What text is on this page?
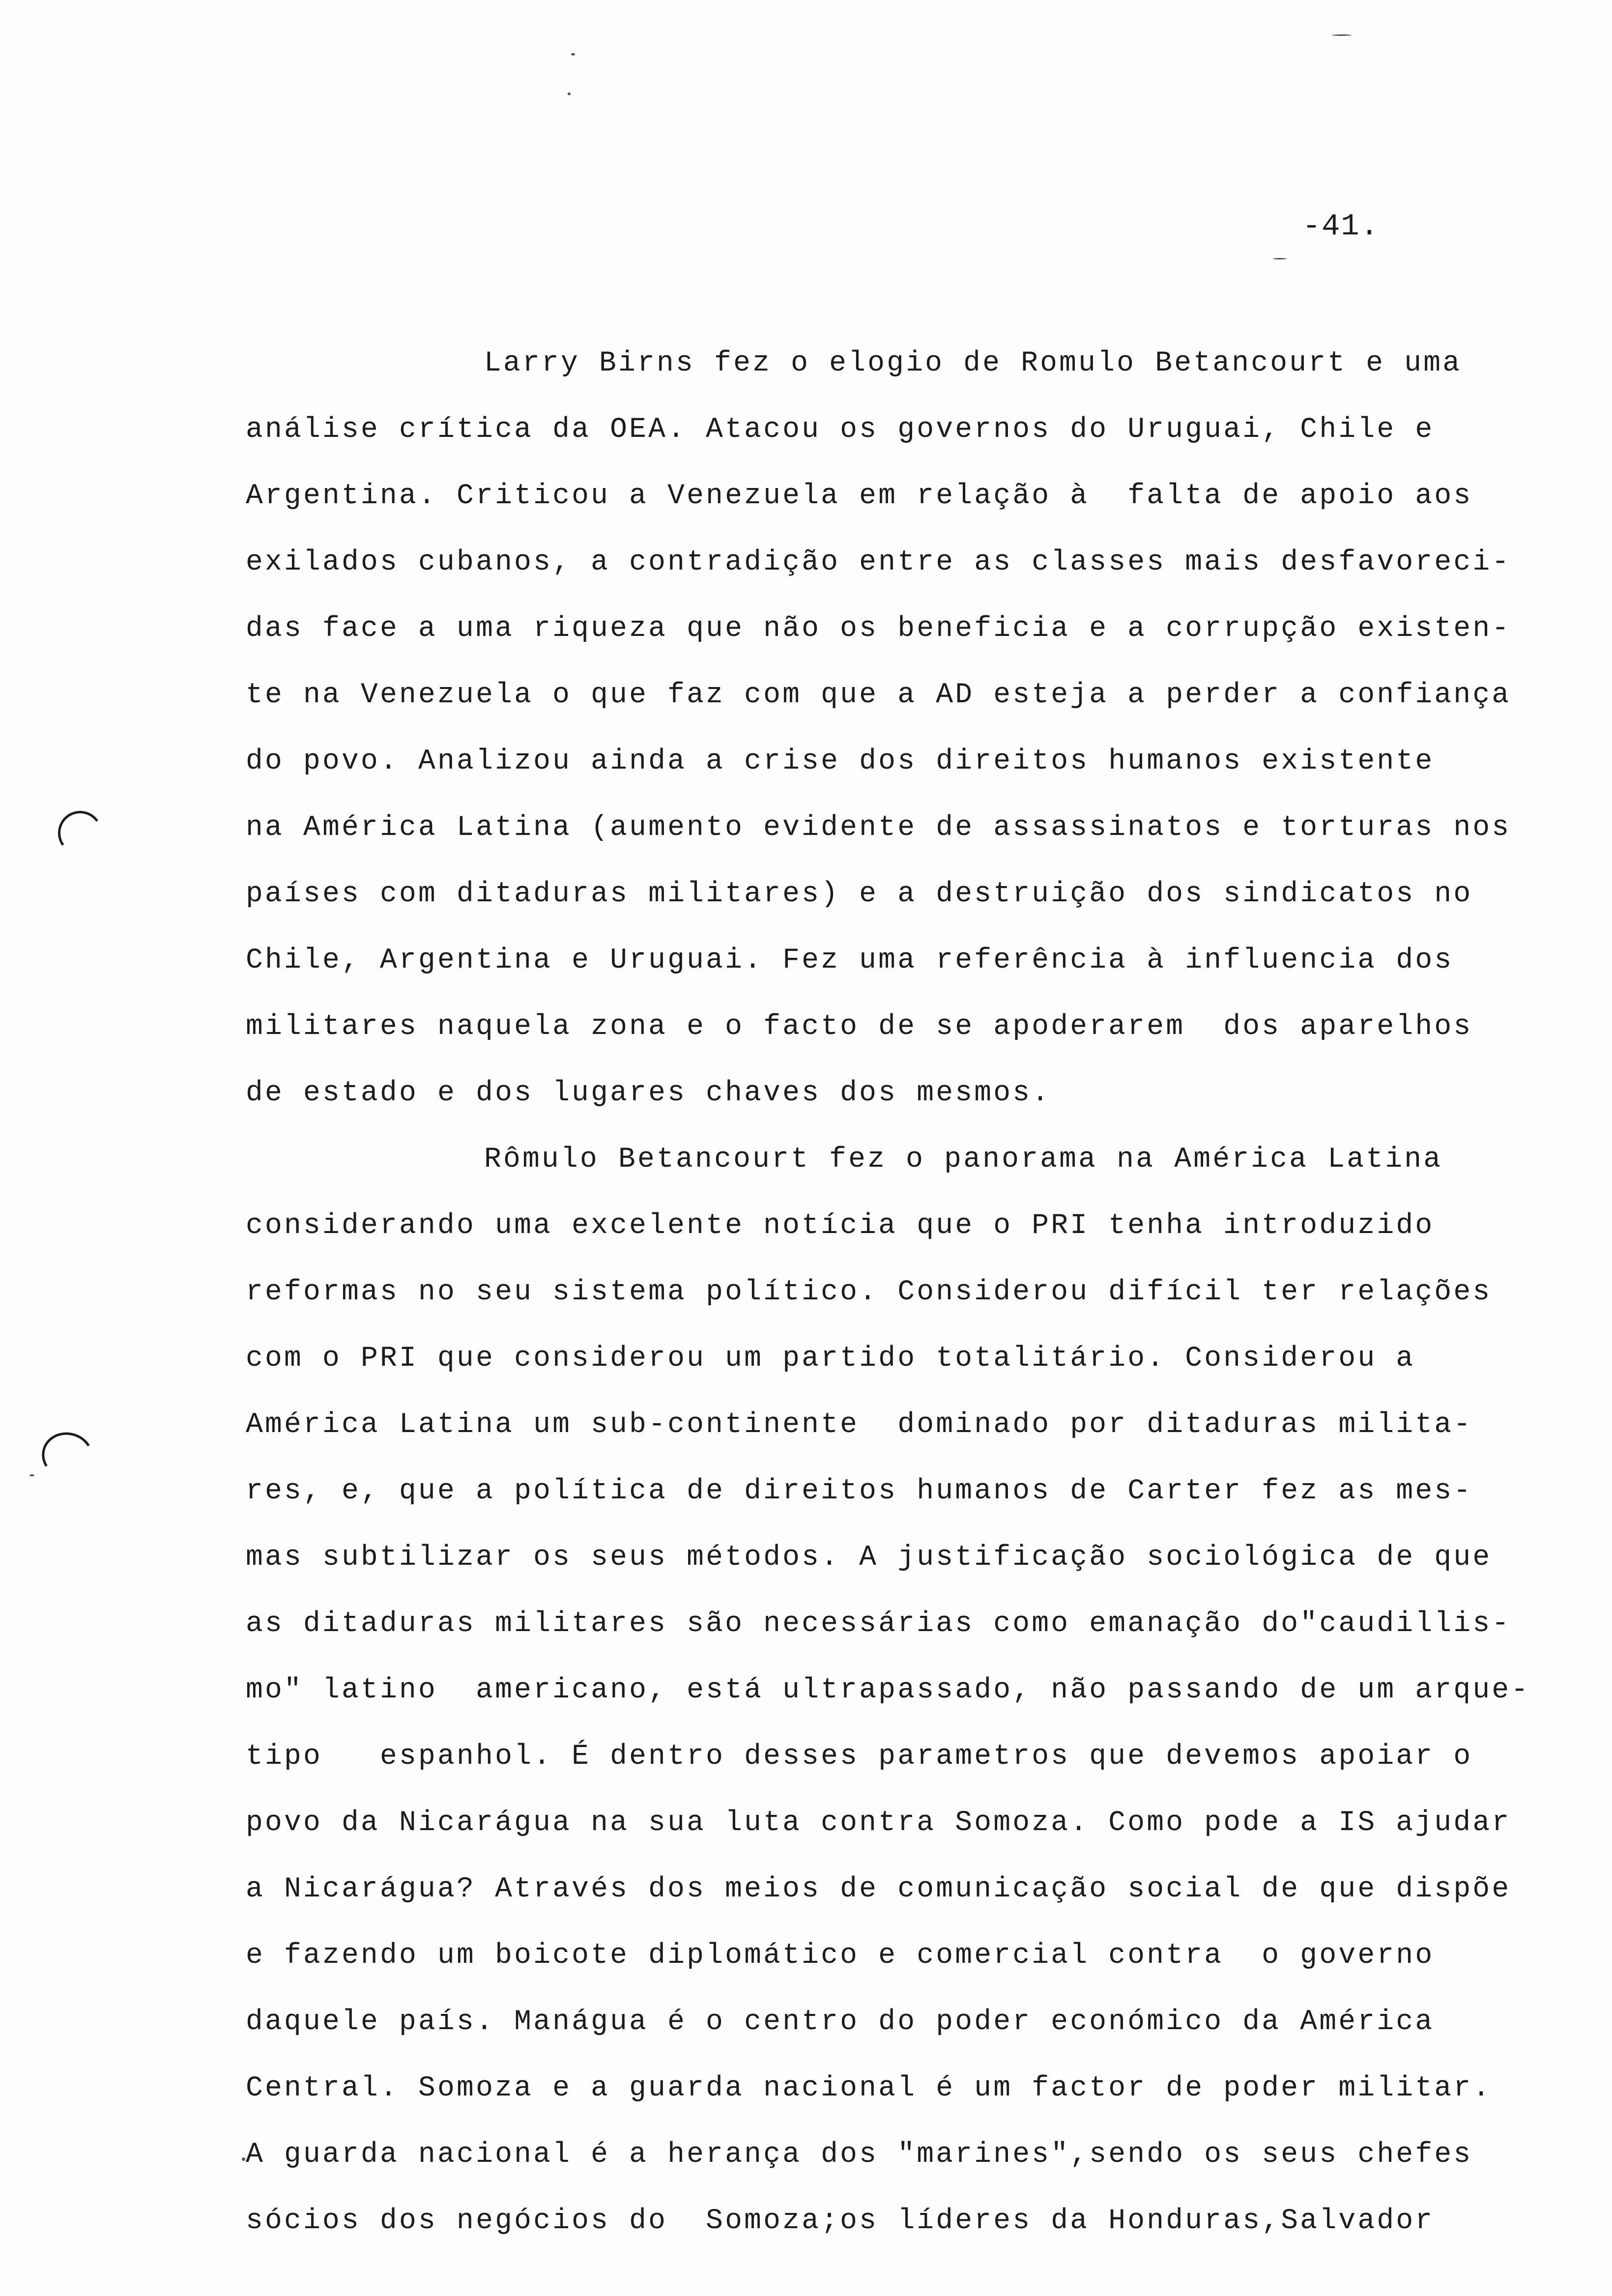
-41.
Larry Birns fez o elogio de Romulo Betancourt e uma
análise crítica da OEA. Atacou os governos do Uruguai, Chile e
Argentina. Criticou a Venezuela em relação à  falta de apoio aos
exilados cubanos, a contradição entre as classes mais desfavoreci-
das face a uma riqueza que não os beneficia e a corrupção existen-
te na Venezuela o que faz com que a AD esteja a perder a confiança
do povo. Analizou ainda a crise dos direitos humanos existente
na América Latina (aumento evidente de assassinatos e torturas nos
países com ditaduras militares) e a destruição dos sindicatos no
Chile, Argentina e Uruguai. Fez uma referência à influencia dos
militares naquela zona e o facto de se apoderarem  dos aparelhos
de estado e dos lugares chaves dos mesmos.
Rômulo Betancourt fez o panorama na América Latina
considerando uma excelente notícia que o PRI tenha introduzido
reformas no seu sistema político. Considerou difícil ter relações
com o PRI que considerou um partido totalitário. Considerou a
América Latina um sub-continente  dominado por ditaduras milita-
res, e, que a política de direitos humanos de Carter fez as mes-
mas subtilizar os seus métodos. A justificação sociológica de que
as ditaduras militares são necessárias como emanação do"caudillis-
mo" latino  americano, está ultrapassado, não passando de um arque-
tipo   espanhol. É dentro desses parametros que devemos apoiar o
povo da Nicarágua na sua luta contra Somoza. Como pode a IS ajudar
a Nicarágua? Através dos meios de comunicação social de que dispõe
e fazendo um boicote diplomático e comercial contra  o governo
daquele país. Manágua é o centro do poder económico da América
Central. Somoza e a guarda nacional é um factor de poder militar.
A guarda nacional é a herança dos "marines",sendo os seus chefes
sócios dos negócios do  Somoza;os líderes da Honduras,Salvador
